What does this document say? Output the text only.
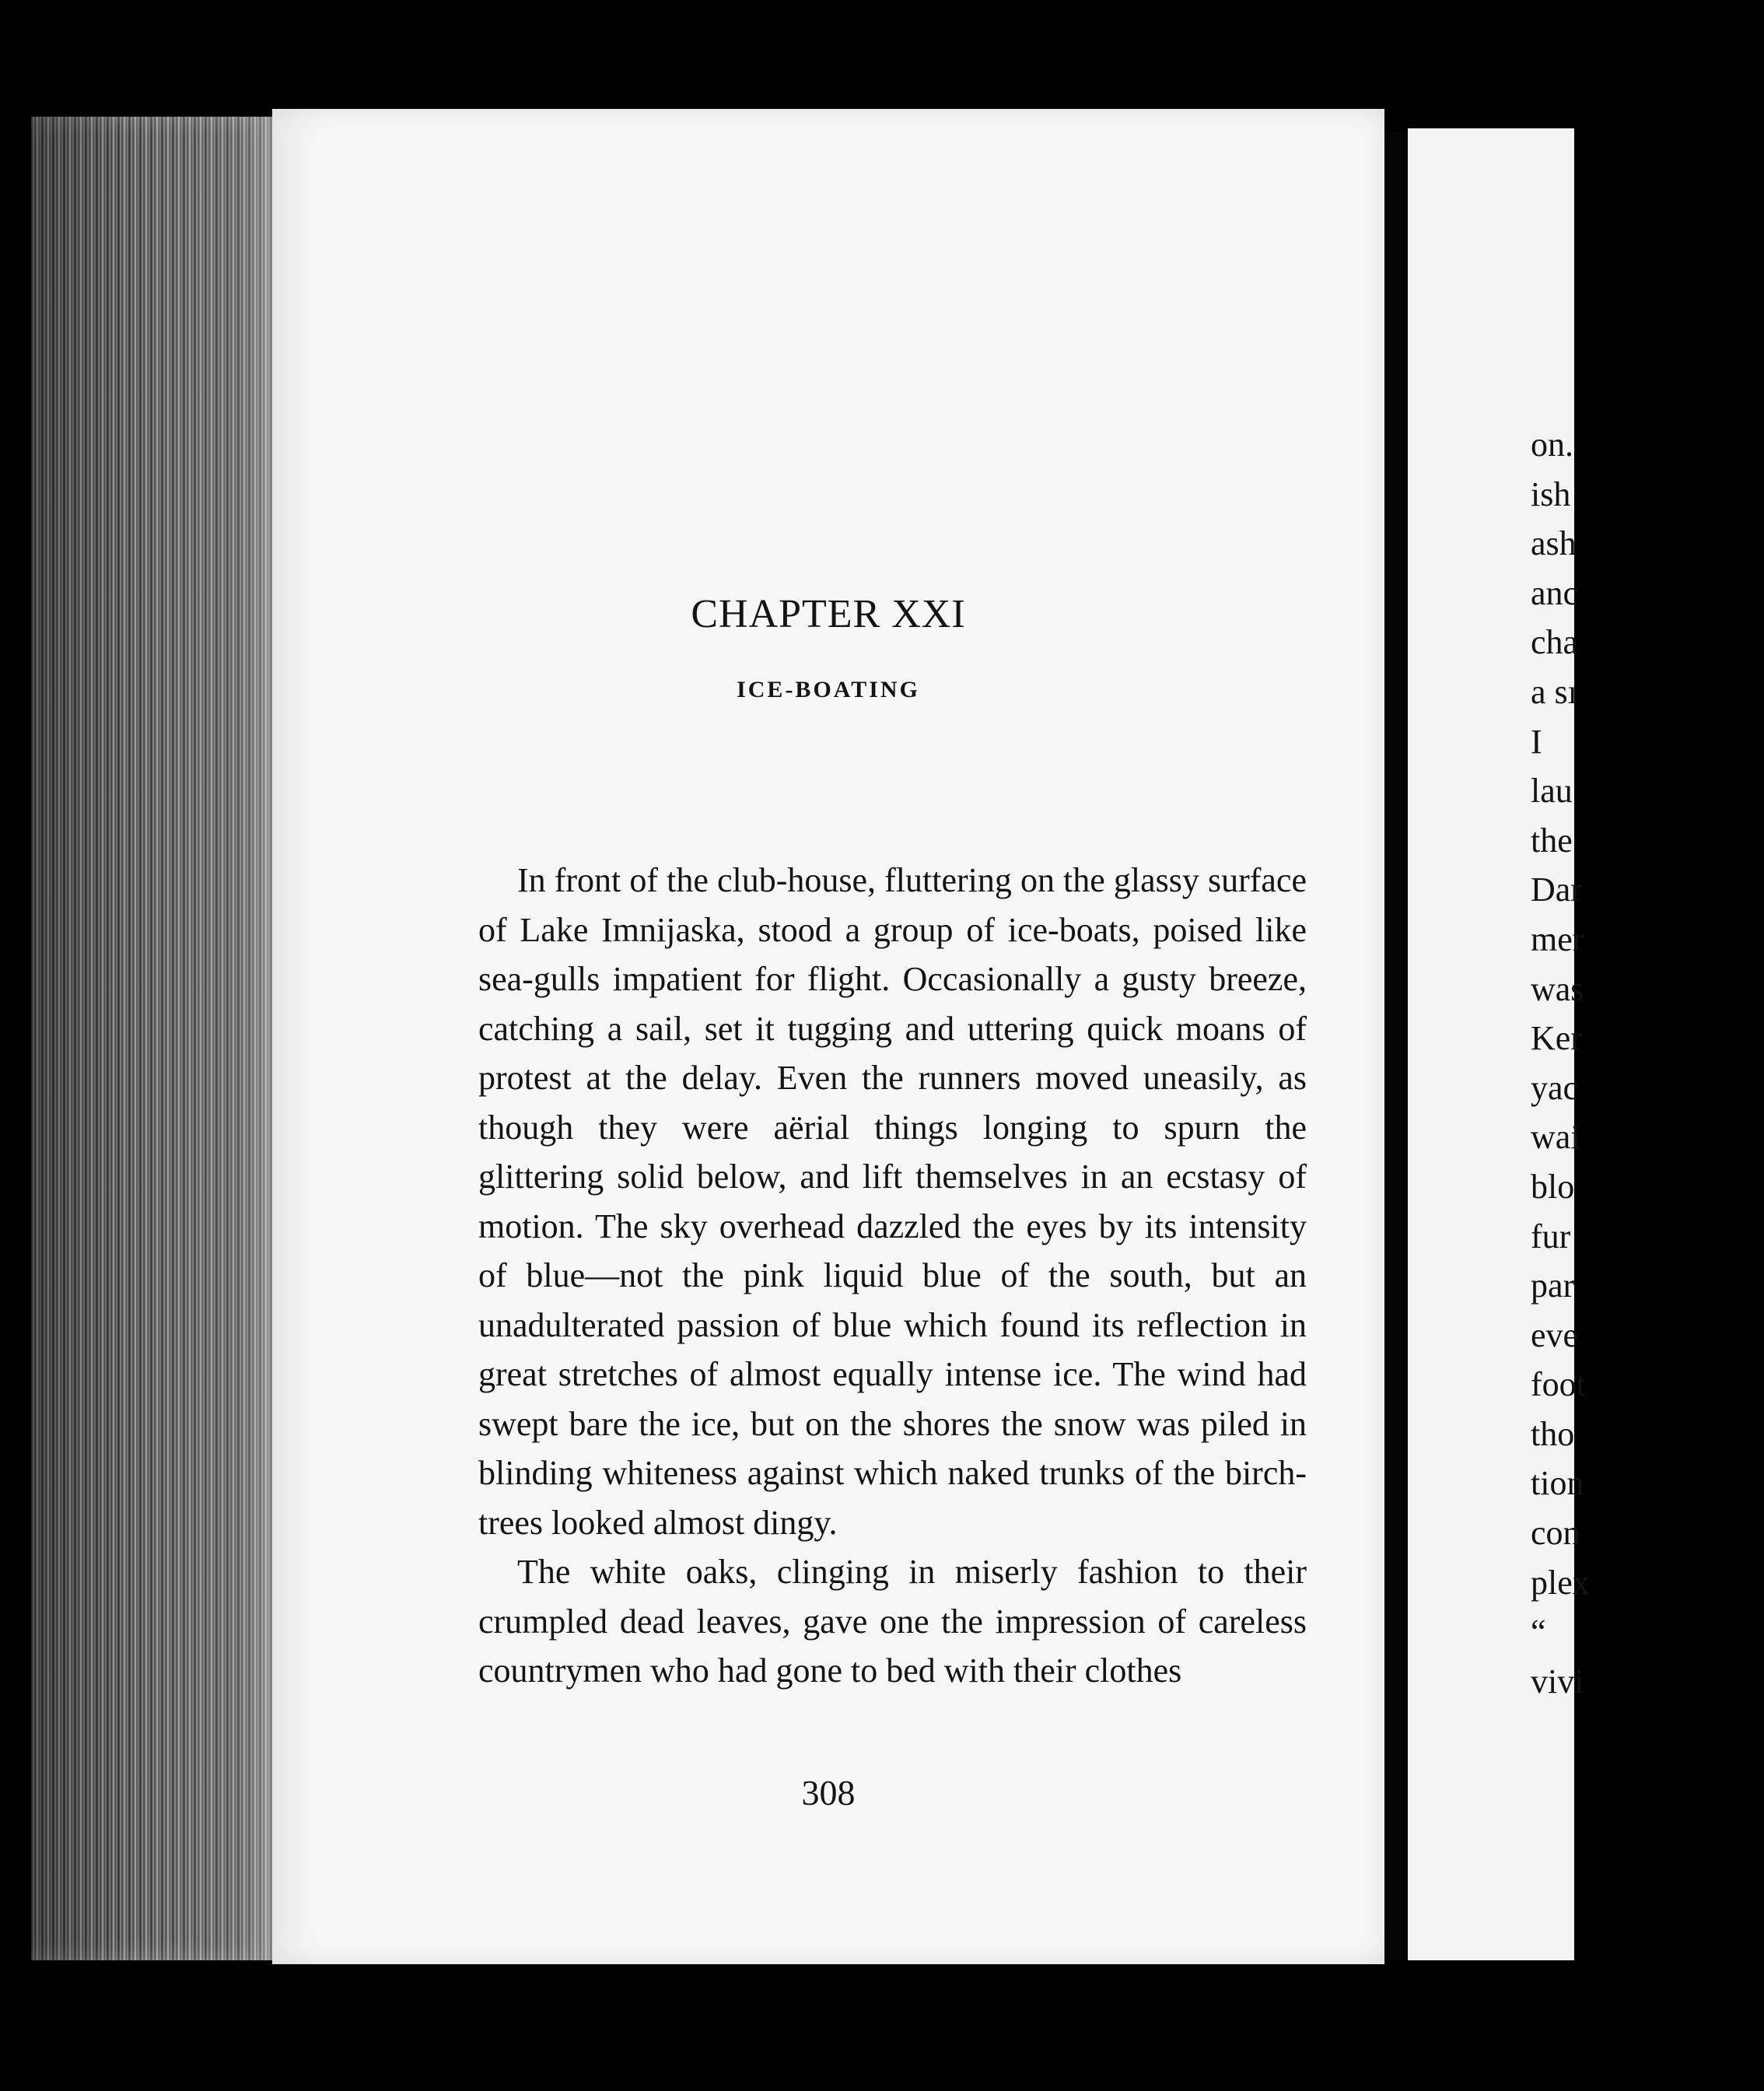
CHAPTER XXI
ICE-BOATING

In front of the club-house, fluttering on the glassy surface of Lake Imnijaska, stood a group of ice-boats, poised like sea-gulls impatient for flight. Occasionally a gusty breeze, catching a sail, set it tugging and uttering quick moans of protest at the delay. Even the runners moved uneasily, as though they were aërial things longing to spurn the glittering solid below, and lift themselves in an ecstasy of motion. The sky overhead dazzled the eyes by its intensity of blue—not the pink liquid blue of the south, but an unadulterated passion of blue which found its reflection in great stretches of almost equally intense ice. The wind had swept bare the ice, but on the shores the snow was piled in blinding whiteness against which naked trunks of the birch-trees looked almost dingy.

The white oaks, clinging in miserly fashion to their crumpled dead leaves, gave one the impression of careless countrymen who had gone to bed with their clothes

308
on.
ish
ash
anc
cha
a sı
I
lau
the
Dar
mer
was
Ker
yac
wai
blo
fur
par
eve
foot
tho
tion
con
plex
“
vivi
